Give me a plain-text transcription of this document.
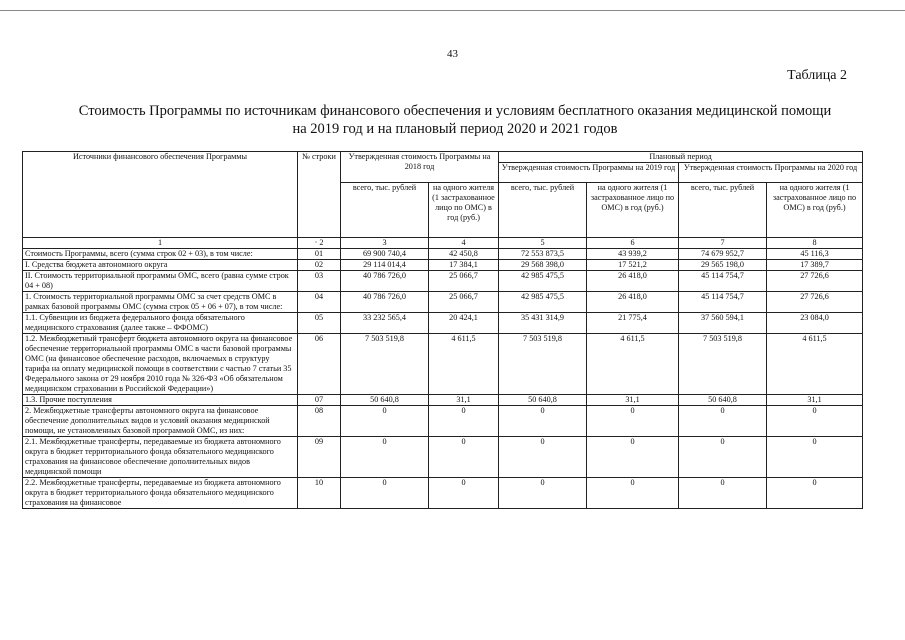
43
Таблица 2
Стоимость Программы по источникам финансового обеспечения и условиям бесплатного оказания медицинской помощи
на 2019 год и на плановый период 2020 и 2021 годов
Источники финансового обеспечения Программы	№ строки	Утвержденная стоимость Программы на 2018 год		Плановый период			
				Утвержденная стоимость Программы на 2019 год		Утвержденная стоимость Программы на 2020 год	
		всего, тыс. рублей	на одного жителя (1 застрахованное лицо по ОМС) в год (руб.)	всего, тыс. рублей	на одного жителя (1 застрахованное лицо по ОМС) в год (руб.)	всего, тыс. рублей	на одного жителя (1 застрахованное лицо по ОМС) в год (руб.)
1	· 2	3	4	5	6	7	8
Стоимость Программы, всего (сумма строк 02 + 03), в том числе:	01	69 900 740,4	42 450,8	72 553 873,5	43 939,2	74 679 952,7	45 116,3
I. Средства бюджета автономного округа	02	29 114 014,4	17 384,1	29 568 398,0	17 521,2	29 565 198,0	17 389,7
II. Стоимость территориальной программы ОМС, всего (равна сумме строк 04 + 08)	03	40 786 726,0	25 066,7	42 985 475,5	26 418,0	45 114 754,7	27 726,6
1. Стоимость территориальной программы ОМС за счет средств ОМС в рамках базовой программы ОМС (сумма строк 05 + 06 + 07), в том числе:	04	40 786 726,0	25 066,7	42 985 475,5	26 418,0	45 114 754,7	27 726,6
1.1. Субвенции из бюджета федерального фонда обязательного медицинского страхования (далее также – ФФОМС)	05	33 232 565,4	20 424,1	35 431 314,9	21 775,4	37 560 594,1	23 084,0
1.2. Межбюджетный трансферт бюджета автономного округа на финансовое обеспечение территориальной программы ОМС в части базовой программы ОМС (на финансовое обеспечение расходов, включаемых в структуру тарифа на оплату медицинской помощи в соответствии с частью 7 статьи 35 Федерального закона от 29 ноября 2010 года № 326-ФЗ «Об обязательном медицинском страховании в Российской Федерации»)	06	7 503 519,8	4 611,5	7 503 519,8	4 611,5	7 503 519,8	4 611,5
1.3. Прочие поступления	07	50 640,8	31,1	50 640,8	31,1	50 640,8	31,1
2. Межбюджетные трансферты автономного округа на финансовое обеспечение дополнительных видов и условий оказания медицинской помощи, не установленных базовой программой ОМС, из них:	08	0	0	0	0	0	0
2.1. Межбюджетные трансферты, передаваемые из бюджета автономного округа в бюджет территориального фонда обязательного медицинского страхования на финансовое обеспечение дополнительных видов медицинской помощи	09	0	0	0	0	0	0
2.2. Межбюджетные трансферты, передаваемые из бюджета автономного округа в бюджет территориального фонда обязательного медицинского страхования на финансовое	10	0	0	0	0	0	0
